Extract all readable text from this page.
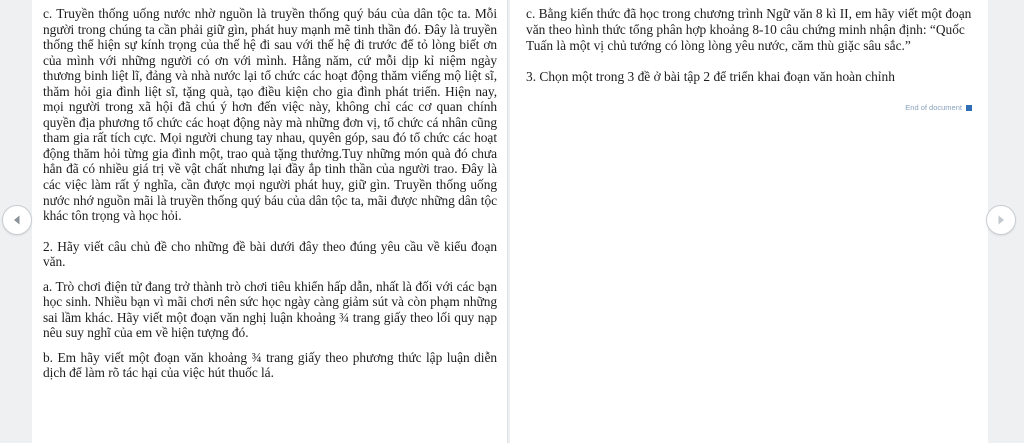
c. Truyền thống uống nước nhờ nguồn là truyền thống quý báu của dân tộc ta. Mỗi người trong chúng ta cần phải giữ gìn, phát huy mạnh mẽ tinh thần đó. Đây là truyền thống thể hiện sự kính trọng của thế hệ đi sau với thế hệ đi trước để tỏ lòng biết ơn của mình với những người có ơn với mình. Hằng năm, cứ mỗi dịp kỉ niệm ngày thương binh liệt lĩ, đảng và nhà nước lại tổ chức các hoạt động thăm viếng mộ liệt sĩ, thăm hỏi gia đình liệt sĩ, tặng quà, tạo điều kiện cho gia đình phát triển. Hiện nay, mọi người trong xã hội đã chú ý hơn đến việc này, không chỉ các cơ quan chính quyền địa phương tổ chức các hoạt động này mà những đơn vị, tổ chức cá nhân cũng tham gia rất tích cực. Mọi người chung tay nhau, quyên góp, sau đó tổ chức các hoạt động thăm hỏi từng gia đình một, trao quà tặng thưởng.Tuy những món quà đó chưa hẳn đã có nhiều giá trị về vật chất nhưng lại đầy ắp tinh thần của người trao. Đây là các việc làm rất ý nghĩa, cần được mọi người phát huy, giữ gìn. Truyền thống uống nước nhớ nguồn mãi là truyền thống quý báu của dân tộc ta, mãi được những dân tộc khác tôn trọng và học hỏi.

2. Hãy viết câu chủ đề cho những đề bài dưới đây theo đúng yêu cầu về kiểu đoạn văn.

a. Trò chơi điện tử đang trở thành trò chơi tiêu khiển hấp dẫn, nhất là đối với các bạn học sinh. Nhiều bạn vì mãi chơi nên sức học ngày càng giảm sút và còn phạm những sai lầm khác. Hãy viết một đoạn văn nghị luận khoảng ¾ trang giấy theo lối quy nạp nêu suy nghĩ của em về hiện tượng đó.

b. Em hãy viết một đoạn văn khoảng ¾ trang giấy theo phương thức lập luận diễn dịch để làm rõ tác hại của việc hút thuốc lá.

c. Bằng kiến thức đã học trong chương trình Ngữ văn 8 kì II, em hãy viết một đoạn văn theo hình thức tổng phân hợp khoảng 8-10 câu chứng minh nhận định: “Quốc Tuấn là một vị chủ tướng có lòng lòng yêu nước, căm thù giặc sâu sắc.”

3. Chọn một trong 3 đề ở bài tập 2 để triển khai đoạn văn hoàn chỉnh

End of document
